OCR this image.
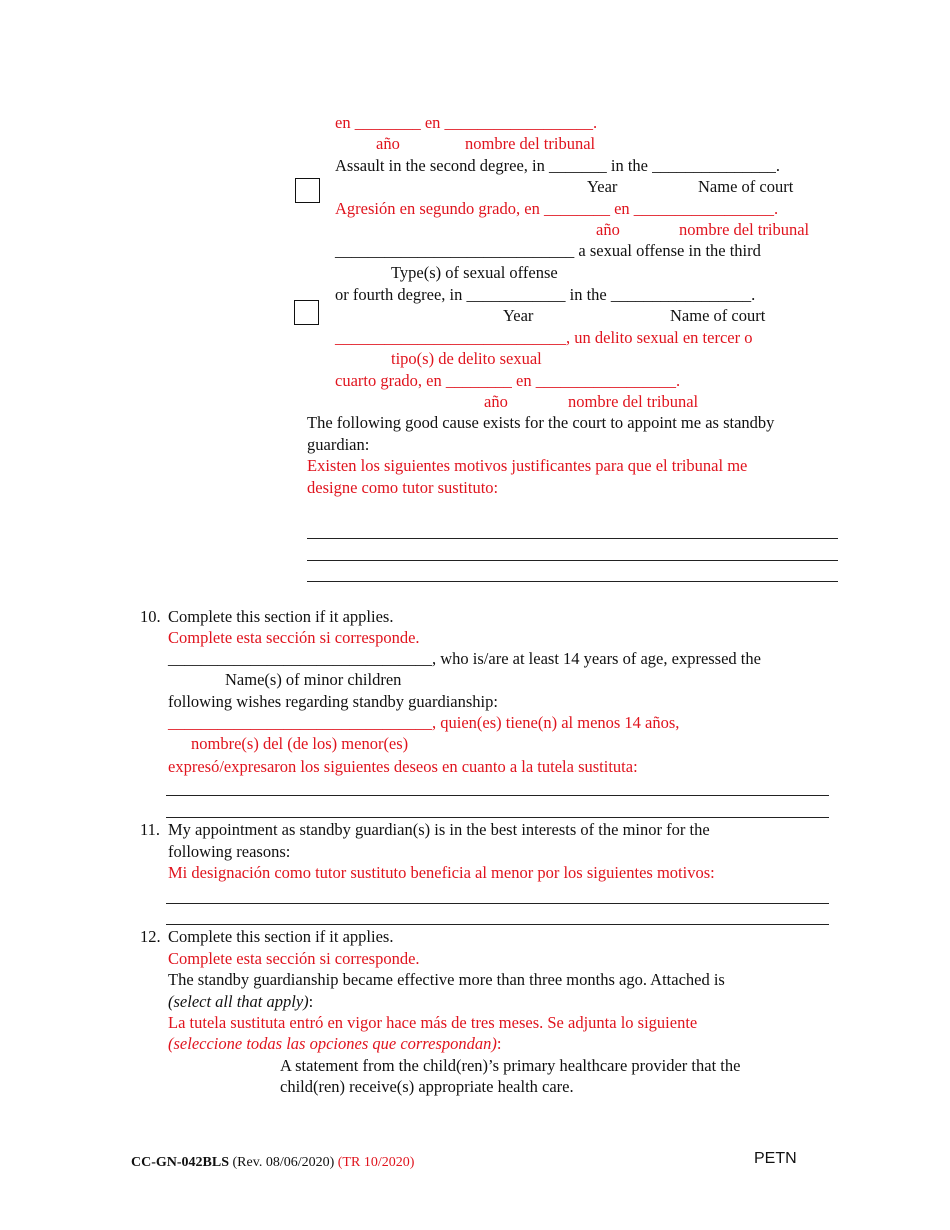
en ________ en __________________.
año	nombre del tribunal
Assault in the second degree, in _______ in the _______________.
Year	Name of court
Agresión en segundo grado, en ________ en _________________.
año	nombre del tribunal
_____________________________ a sexual offense in the third
Type(s) of sexual offense
or fourth degree, in ____________ in the _________________.
Year	Name of court
____________________________, un delito sexual en tercer o
tipo(s) de delito sexual
cuarto grado, en ________ en _________________.
año	nombre del tribunal
The following good cause exists for the court to appoint me as standby
guardian:
Existen los siguientes motivos justificantes para que el tribunal me
designe como tutor sustituto:
10. Complete this section if it applies.
Complete esta sección si corresponde.
________________________________, who is/are at least 14 years of age, expressed the
Name(s) of minor children
following wishes regarding standby guardianship:
________________________________, quien(es) tiene(n) al menos 14 años,
nombre(s) del (de los) menor(es)
expresó/expresaron los siguientes deseos en cuanto a la tutela sustituta:
11. My appointment as standby guardian(s) is in the best interests of the minor for the
following reasons:
Mi designación como tutor sustituto beneficia al menor por los siguientes motivos:
12. Complete this section if it applies.
Complete esta sección si corresponde.
The standby guardianship became effective more than three months ago. Attached is
(select all that apply):
La tutela sustituta entró en vigor hace más de tres meses. Se adjunta lo siguiente
(seleccione todas las opciones que correspondan):
A statement from the child(ren)’s primary healthcare provider that the
child(ren) receive(s) appropriate health care.
CC-GN-042BLS (Rev. 08/06/2020) (TR 10/2020)	PETN
